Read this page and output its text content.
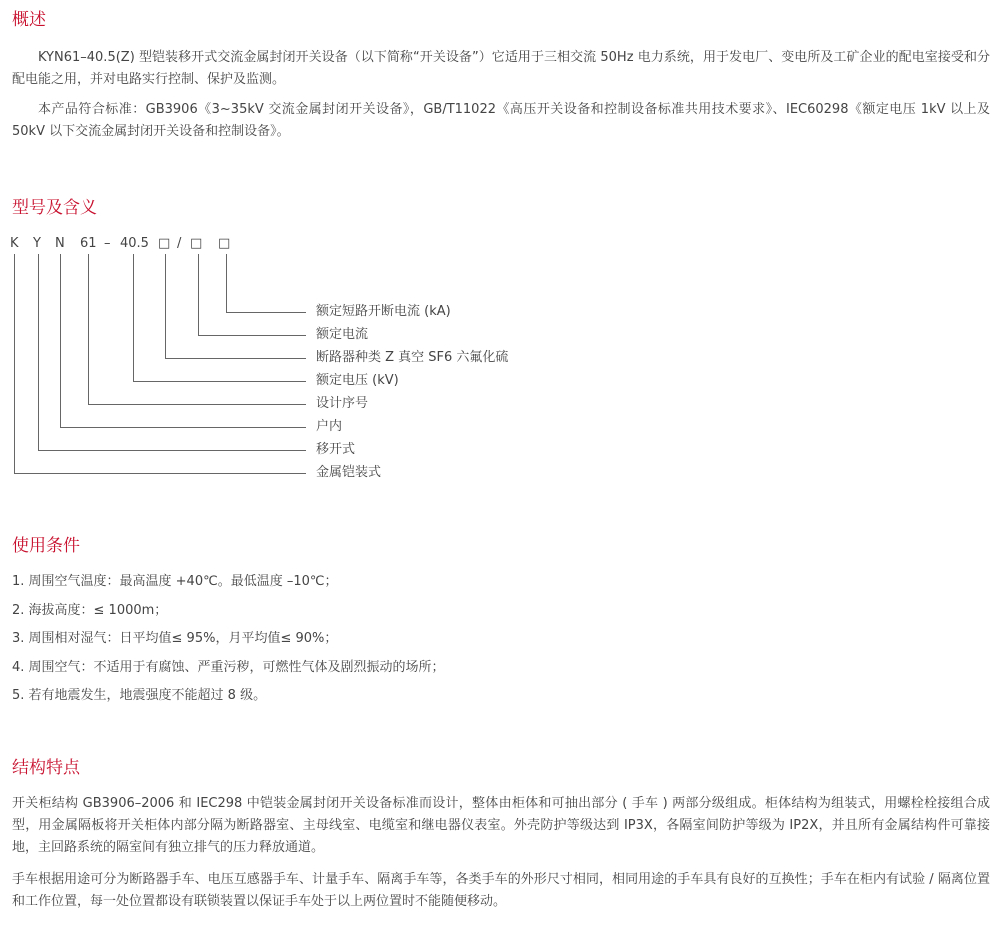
概述

KYN61–40.5(Z) 型铠装移开式交流金属封闭开关设备（以下简称“开关设备”）它适用于三相交流 50Hz 电力系统，用于发电厂、变电所及工矿企业的配电室接受和分配电能之用，并对电路实行控制、保护及监测。

本产品符合标准：GB3906《3~35kV 交流金属封闭开关设备》，GB/T11022《高压开关设备和控制设备标准共用技术要求》、IEC60298《额定电压 1kV 以上及 50kV 以下交流金属封闭开关设备和控制设备》。

型号及含义
K Y N 61 – 40.5 □ / □ □
额定短路开断电流 (kA)
额定电流
断路器种类 Z 真空 SF6 六氟化硫
额定电压 (kV)
设计序号
户内
移开式
金属铠装式
使用条件

1. 周围空气温度：最高温度 +40℃。最低温度 –10℃；

2. 海拔高度：≤ 1000m；

3. 周围相对湿气：日平均值≤ 95%，月平均值≤ 90%；

4. 周围空气：不适用于有腐蚀、严重污秽，可燃性气体及剧烈振动的场所；

5. 若有地震发生，地震强度不能超过 8 级。

结构特点

开关柜结构 GB3906–2006 和 IEC298 中铠装金属封闭开关设备标准而设计，整体由柜体和可抽出部分 ( 手车 ) 两部分级组成。柜体结构为组装式，用螺栓栓接组合成型，用金属隔板将开关柜体内部分隔为断路器室、主母线室、电缆室和继电器仪表室。外壳防护等级达到 IP3X，各隔室间防护等级为 IP2X，并且所有金属结构件可靠接地，主回路系统的隔室间有独立排气的压力释放通道。

手车根据用途可分为断路器手车、电压互感器手车、计量手车、隔离手车等，各类手车的外形尺寸相同，相同用途的手车具有良好的互换性；手车在柜内有试验 / 隔离位置和工作位置，每一处位置都设有联锁装置以保证手车处于以上两位置时不能随便移动。
